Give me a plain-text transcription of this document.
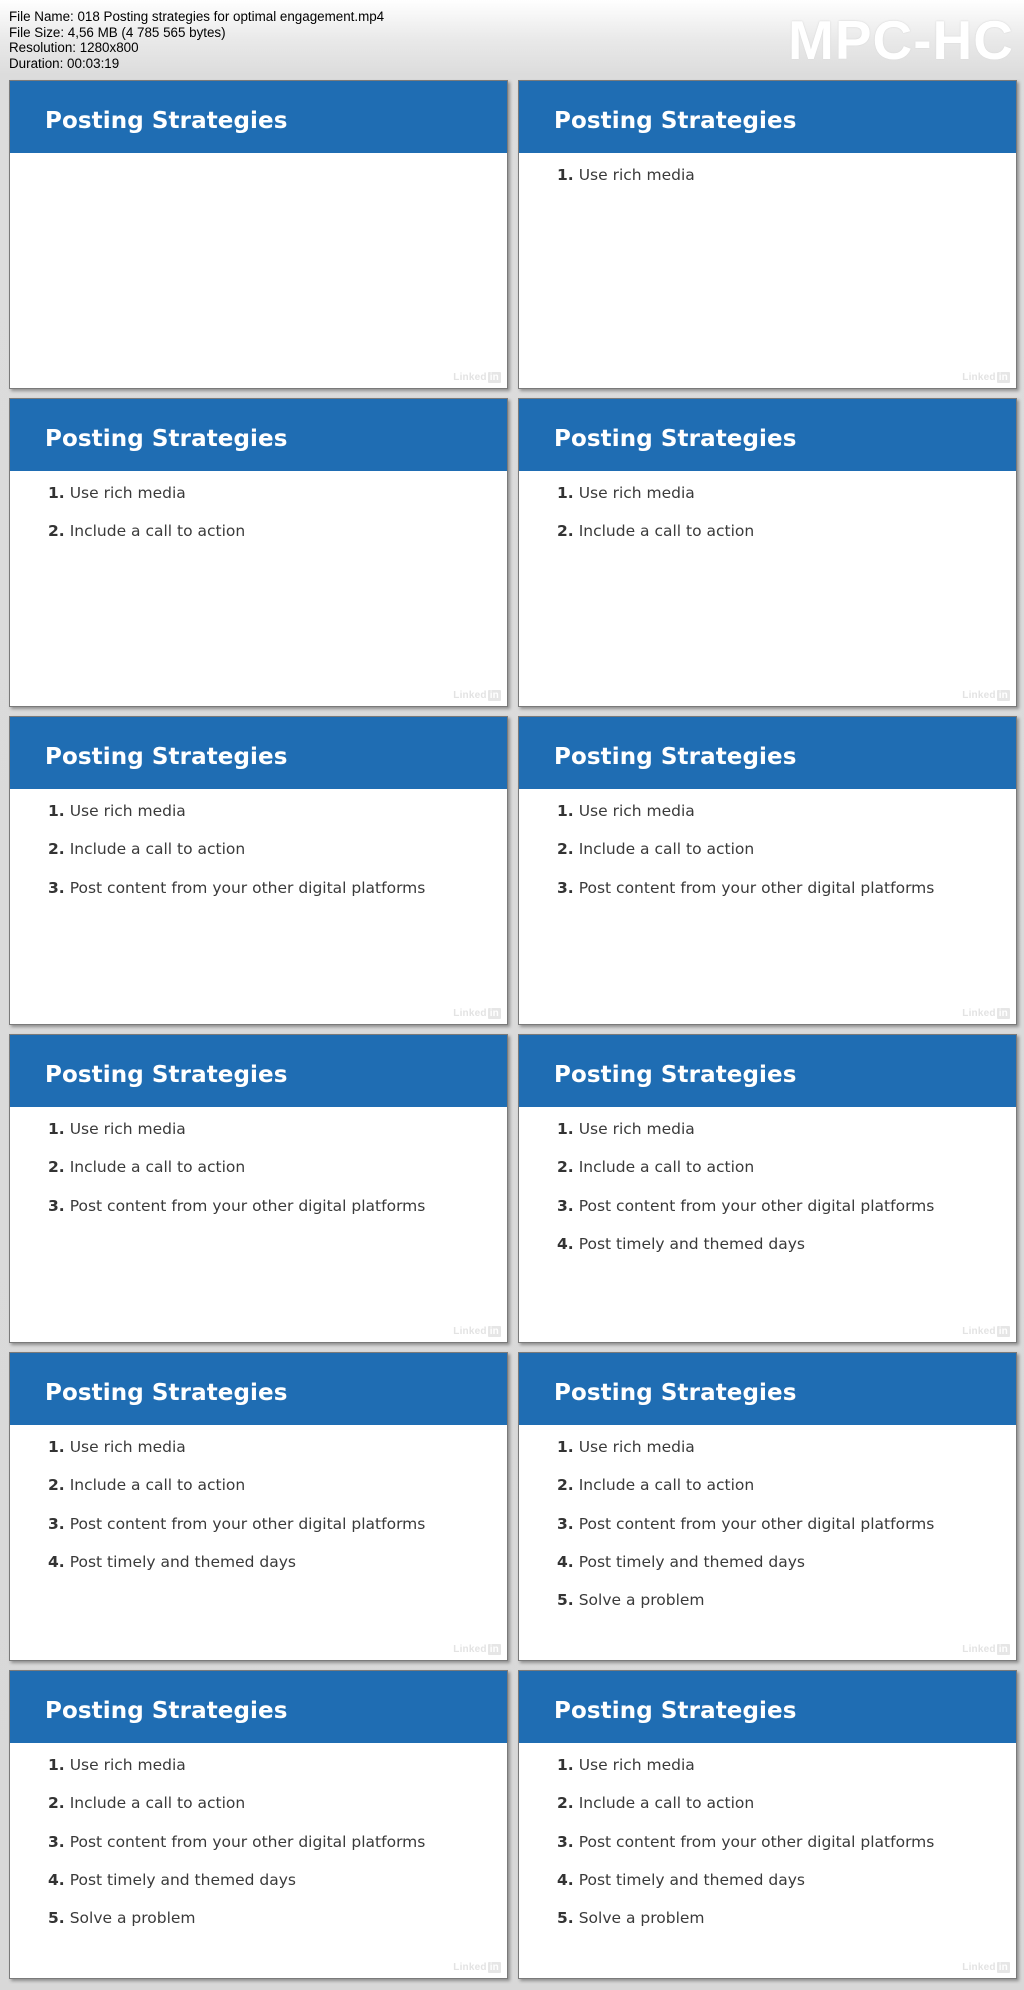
File Name: 018 Posting strategies for optimal engagement.mp4
File Size: 4,56 MB (4 785 565 bytes)
Resolution: 1280x800
Duration: 00:03:19	MPC-HC
Posting Strategies
Linked in
Posting Strategies
1. Use rich media
Linked in
Posting Strategies
1. Use rich media
2. Include a call to action
Linked in
Posting Strategies
1. Use rich media
2. Include a call to action
Linked in
Posting Strategies
1. Use rich media
2. Include a call to action
3. Post content from your other digital platforms
Linked in
Posting Strategies
1. Use rich media
2. Include a call to action
3. Post content from your other digital platforms
Linked in
Posting Strategies
1. Use rich media
2. Include a call to action
3. Post content from your other digital platforms
Linked in
Posting Strategies
1. Use rich media
2. Include a call to action
3. Post content from your other digital platforms
4. Post timely and themed days
Linked in
Posting Strategies
1. Use rich media
2. Include a call to action
3. Post content from your other digital platforms
4. Post timely and themed days
Linked in
Posting Strategies
1. Use rich media
2. Include a call to action
3. Post content from your other digital platforms
4. Post timely and themed days
5. Solve a problem
Linked in
Posting Strategies
1. Use rich media
2. Include a call to action
3. Post content from your other digital platforms
4. Post timely and themed days
5. Solve a problem
Linked in
Posting Strategies
1. Use rich media
2. Include a call to action
3. Post content from your other digital platforms
4. Post timely and themed days
5. Solve a problem
Linked in
